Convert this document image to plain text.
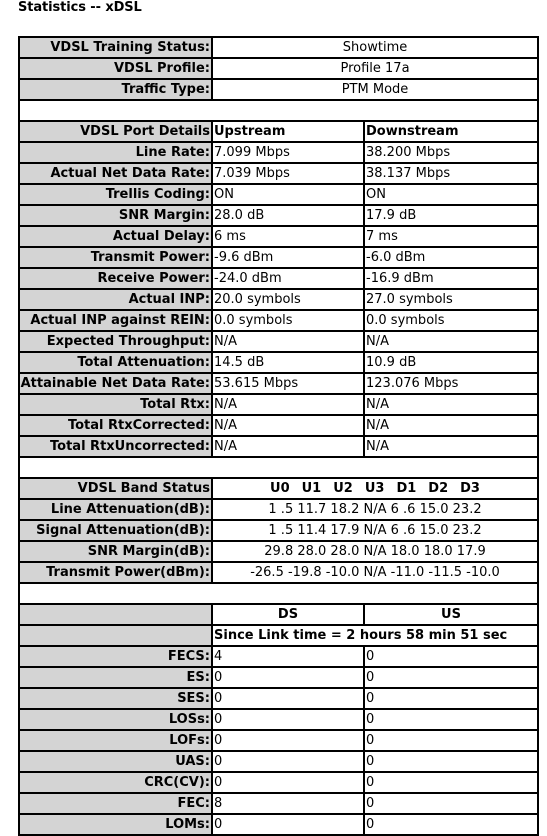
Statistics -- xDSL
VDSL Training Status:	Showtime	
VDSL Profile:	Profile 17a	
Traffic Type:	PTM Mode	

VDSL Port Details	Upstream	Downstream
Line Rate:	7.099 Mbps	38.200 Mbps
Actual Net Data Rate:	7.039 Mbps	38.137 Mbps
Trellis Coding:	ON	ON
SNR Margin:	28.0 dB	17.9 dB
Actual Delay:	6 ms	7 ms
Transmit Power:	-9.6 dBm	-6.0 dBm
Receive Power:	-24.0 dBm	-16.9 dBm
Actual INP:	20.0 symbols	27.0 symbols
Actual INP against REIN:	0.0 symbols	0.0 symbols
Expected Throughput:	N/A	N/A
Total Attenuation:	14.5 dB	10.9 dB
Attainable Net Data Rate:	53.615 Mbps	123.076 Mbps
Total Rtx:	N/A	N/A
Total RtxCorrected:	N/A	N/A
Total RtxUncorrected:	N/A	N/A

VDSL Band Status	U0 U1 U2 U3 D1 D2 D3	
Line Attenuation(dB):	1 .5 11.7 18.2 N/A 6 .6 15.0 23.2	
Signal Attenuation(dB):	1 .5 11.4 17.9 N/A 6 .6 15.0 23.2	
SNR Margin(dB):	29.8 28.0 28.0 N/A 18.0 18.0 17.9	
Transmit Power(dBm):	-26.5 -19.8 -10.0 N/A -11.0 -11.5 -10.0	

	DS	US
	Since Link time = 2 hours 58 min 51 sec	
FECS:	4	0
ES:	0	0
SES:	0	0
LOSs:	0	0
LOFs:	0	0
UAS:	0	0
CRC(CV):	0	0
FEC:	8	0
LOMs:	0	0
